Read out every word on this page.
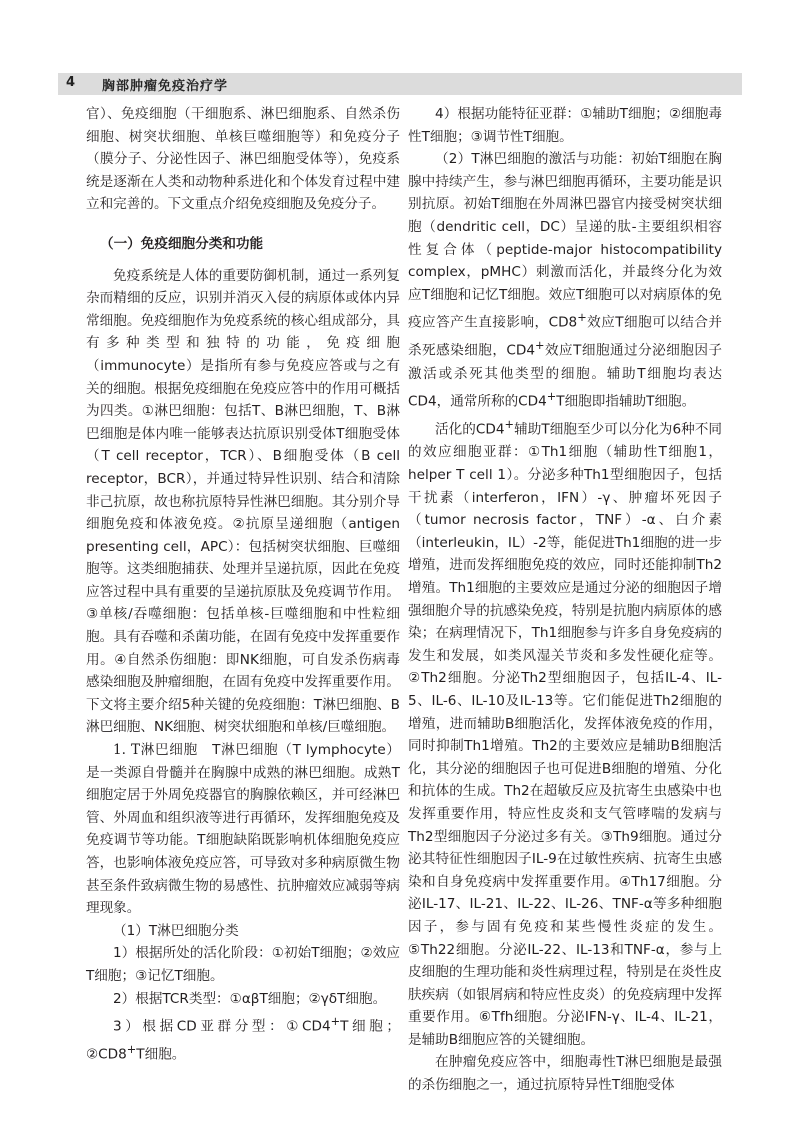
4 胸部肿瘤免疫治疗学

官）、免疫细胞（干细胞系、淋巴细胞系、自然杀伤细胞、树突状细胞、单核巨噬细胞等）和免疫分子（膜分子、分泌性因子、淋巴细胞受体等），免疫系统是逐渐在人类和动物种系进化和个体发育过程中建立和完善的。下文重点介绍免疫细胞及免疫分子。

（一）免疫细胞分类和功能

免疫系统是人体的重要防御机制，通过一系列复杂而精细的反应，识别并消灭入侵的病原体或体内异常细胞。免疫细胞作为免疫系统的核心组成部分，具有多种类型和独特的功能，免疫细胞（immunocyte）是指所有参与免疫应答或与之有关的细胞。根据免疫细胞在免疫应答中的作用可概括为四类。①淋巴细胞：包括T、B淋巴细胞，T、B淋巴细胞是体内唯一能够表达抗原识别受体T细胞受体（T cell receptor，TCR）、B细胞受体（B cell receptor，BCR），并通过特异性识别、结合和清除非己抗原，故也称抗原特异性淋巴细胞。其分别介导细胞免疫和体液免疫。②抗原呈递细胞（antigen presenting cell，APC）：包括树突状细胞、巨噬细胞等。这类细胞捕获、处理并呈递抗原，因此在免疫应答过程中具有重要的呈递抗原肽及免疫调节作用。③单核/吞噬细胞：包括单核-巨噬细胞和中性粒细胞。具有吞噬和杀菌功能，在固有免疫中发挥重要作用。④自然杀伤细胞：即NK细胞，可自发杀伤病毒感染细胞及肿瘤细胞，在固有免疫中发挥重要作用。下文将主要介绍5种关键的免疫细胞：T淋巴细胞、B淋巴细胞、NK细胞、树突状细胞和单核/巨噬细胞。

1. T淋巴细胞　 T淋巴细胞（T lymphocyte）是一类源自骨髓并在胸腺中成熟的淋巴细胞。成熟T细胞定居于外周免疫器官的胸腺依赖区，并可经淋巴管、外周血和组织液等进行再循环，发挥细胞免疫及免疫调节等功能。T细胞缺陷既影响机体细胞免疫应答，也影响体液免疫应答，可导致对多种病原微生物甚至条件致病微生物的易感性、抗肿瘤效应减弱等病理现象。

（1）T淋巴细胞分类

1）根据所处的活化阶段：①初始T细胞；②效应T细胞；③记忆T细胞。

2）根据TCR类型：①αβT细胞；②γδT细胞。

3）根据CD亚群分型：①CD4+T细胞；②CD8+T细胞。

4）根据功能特征亚群：①辅助T细胞；②细胞毒性T细胞；③调节性T细胞。

（2）T淋巴细胞的激活与功能：初始T细胞在胸腺中持续产生，参与淋巴细胞再循环，主要功能是识别抗原。初始T细胞在外周淋巴器官内接受树突状细胞（dendritic cell，DC）呈递的肽-主要组织相容性复合体（peptide-major histocompatibility complex，pMHC）刺激而活化，并最终分化为效应T细胞和记忆T细胞。效应T细胞可以对病原体的免疫应答产生直接影响，CD8+效应T细胞可以结合并杀死感染细胞，CD4+效应T细胞通过分泌细胞因子激活或杀死其他类型的细胞。辅助T细胞均表达CD4，通常所称的CD4+T细胞即指辅助T细胞。

活化的CD4+辅助T细胞至少可以分化为6种不同的效应细胞亚群：①Th1细胞（辅助性T细胞1，helper T cell 1）。分泌多种Th1型细胞因子，包括干扰素（interferon，IFN）-γ、肿瘤坏死因子（tumor necrosis factor，TNF）-α、白介素（interleukin，IL）-2等，能促进Th1细胞的进一步增殖，进而发挥细胞免疫的效应，同时还能抑制Th2增殖。Th1细胞的主要效应是通过分泌的细胞因子增强细胞介导的抗感染免疫，特别是抗胞内病原体的感染；在病理情况下，Th1细胞参与许多自身免疫病的发生和发展，如类风湿关节炎和多发性硬化症等。②Th2细胞。分泌Th2型细胞因子，包括IL-4、IL-5、IL-6、IL-10及IL-13等。它们能促进Th2细胞的增殖，进而辅助B细胞活化，发挥体液免疫的作用，同时抑制Th1增殖。Th2的主要效应是辅助B细胞活化，其分泌的细胞因子也可促进B细胞的增殖、分化和抗体的生成。Th2在超敏反应及抗寄生虫感染中也发挥重要作用，特应性皮炎和支气管哮喘的发病与Th2型细胞因子分泌过多有关。③Th9细胞。通过分泌其特征性细胞因子IL-9在过敏性疾病、抗寄生虫感染和自身免疫病中发挥重要作用。④Th17细胞。分泌IL-17、IL-21、IL-22、IL-26、TNF-α等多种细胞因子，参与固有免疫和某些慢性炎症的发生。⑤Th22细胞。分泌IL-22、IL-13和TNF-α，参与上皮细胞的生理功能和炎性病理过程，特别是在炎性皮肤疾病（如银屑病和特应性皮炎）的免疫病理中发挥重要作用。⑥Tfh细胞。分泌IFN-γ、IL-4、IL-21，是辅助B细胞应答的关键细胞。

在肿瘤免疫应答中，细胞毒性T淋巴细胞是最强的杀伤细胞之一，通过抗原特异性T细胞受体
